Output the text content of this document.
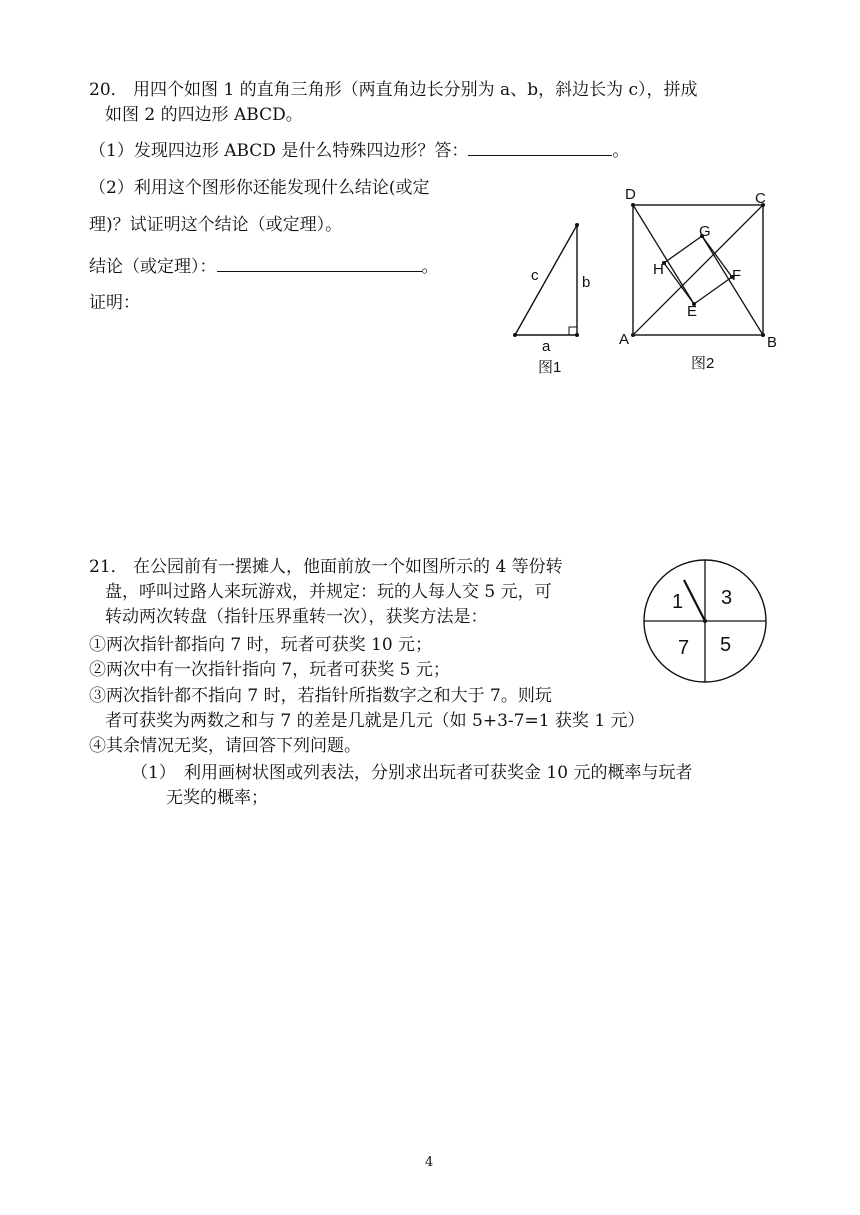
20． 用四个如图 1 的直角三角形（两直角边长分别为 a、b，斜边长为 c），拼成
如图 2 的四边形 ABCD。
（1）发现四边形 ABCD 是什么特殊四边形？答：	。
（2）利用这个图形你还能发现什么结论(或定
理)？试证明这个结论（或定理）。
结论（或定理）：	。
证明：
c	b
a
图1
D	C
G
H	F
E
A	B
图2
21． 在公园前有一摆摊人，他面前放一个如图所示的 4 等份转
盘，呼叫过路人来玩游戏，并规定：玩的人每人交 5 元，可
转动两次转盘（指针压界重转一次），获奖方法是：
①两次指针都指向 7 时，玩者可获奖 10 元；
②两次中有一次指针指向 7，玩者可获奖 5 元；
③两次指针都不指向 7 时，若指针所指数字之和大于 7。则玩
者可获奖为两数之和与 7 的差是几就是几元（如 5+3-7=1 获奖 1 元）
④其余情况无奖，请回答下列问题。
（1） 利用画树状图或列表法，分别求出玩者可获奖金 10 元的概率与玩者
无奖的概率；
1 3
7 5
4
